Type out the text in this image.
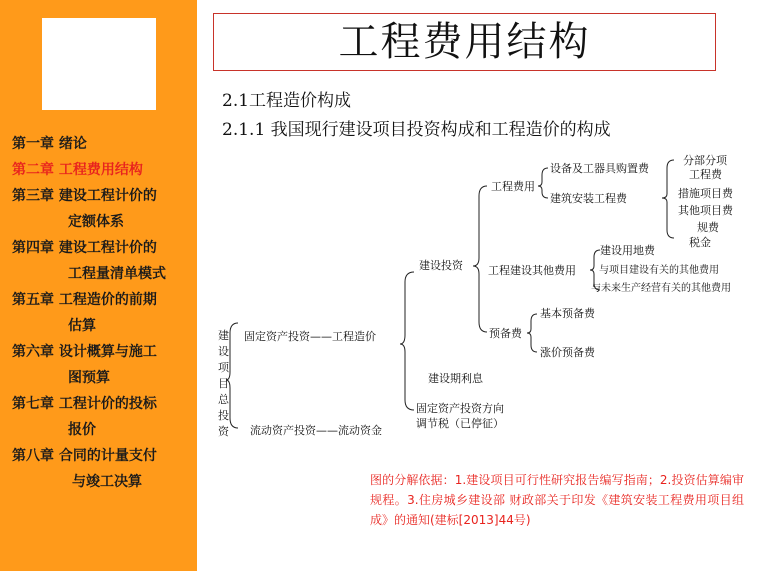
第一章 绪论
第二章 工程费用结构
第三章 建设工程计价的
定额体系
第四章 建设工程计价的
工程量清单模式
第五章 工程造价的前期
估算
第六章 设计概算与施工
图预算
第七章 工程计价的投标
报价
第八章 合同的计量支付
与竣工决算
工程费用结构
2.1工程造价构成
2.1.1 我国现行建设项目投资构成和工程造价的构成
建
设
项
目
总
投
资
固定资产投资——工程造价
流动资产投资——流动资金
建设投资
建设期利息
固定资产投资方向
调节税（已停征）
工程费用
设备及工器具购置费
建筑安装工程费
分部分项
工程费
措施项目费
其他项目费
规费
税金
工程建设其他费用
建设用地费
与项目建设有关的其他费用
与未来生产经营有关的其他费用
预备费
基本预备费
涨价预备费
图的分解依据：1.建设项目可行性研究报告编写指南；2.投资估算编审规程。3.住房城乡建设部 财政部关于印发《建筑安装工程费用项目组成》的通知(建标[2013]44号)
